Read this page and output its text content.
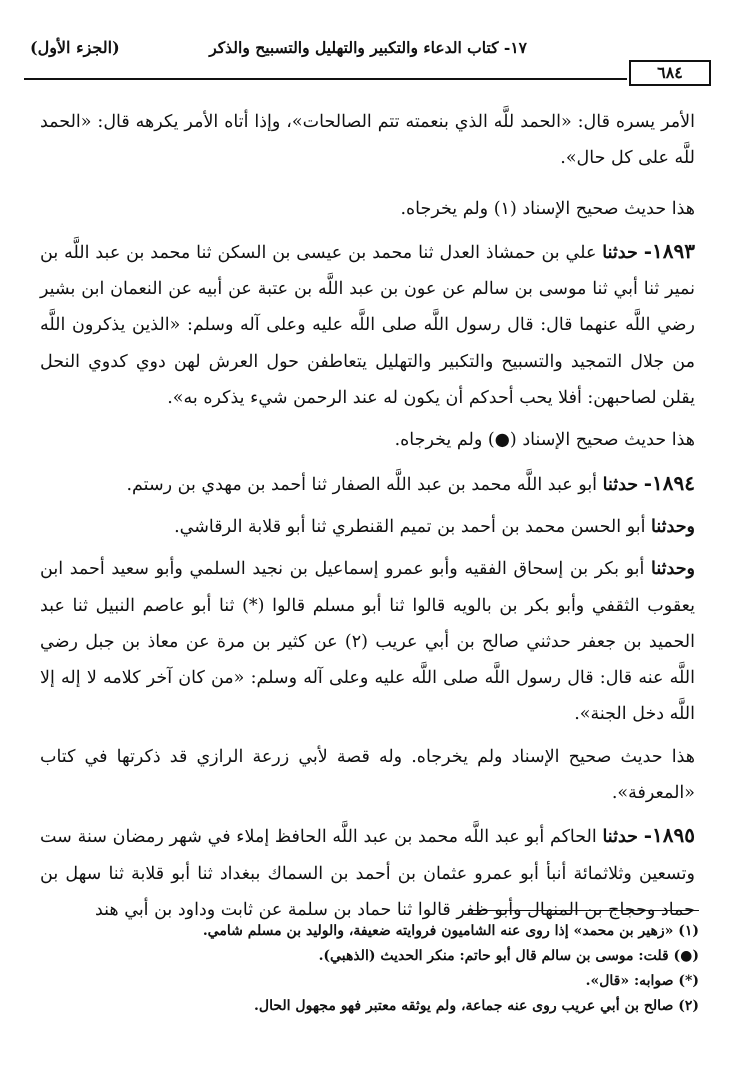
١٧- كتاب الدعاء والتكبير والتهليل والتسبيح والذكر
(الجزء الأول)
٦٨٤

الأمر يسره قال: «الحمد للَّه الذي بنعمته تتم الصالحات»، وإذا أتاه الأمر يكرهه قال: «الحمد للَّه على كل حال».

هذا حديث صحيح الإسناد (١) ولم يخرجاه.

١٨٩٣- حدثنا علي بن حمشاذ العدل ثنا محمد بن عيسى بن السكن ثنا محمد بن عبد اللَّه بن نمير ثنا أبي ثنا موسى بن سالم عن عون بن عبد اللَّه بن عتبة عن أبيه عن النعمان ابن بشير رضي اللَّه عنهما قال: قال رسول اللَّه صلى اللَّه عليه وعلى آله وسلم: «الذين يذكرون اللَّه من جلال التمجيد والتسبيح والتكبير والتهليل يتعاطفن حول العرش لهن دوي كدوي النحل يقلن لصاحبهن: أفلا يحب أحدكم أن يكون له عند الرحمن شيء يذكره به».

هذا حديث صحيح الإسناد (●) ولم يخرجاه.

١٨٩٤- حدثنا أبو عبد اللَّه محمد بن عبد اللَّه الصفار ثنا أحمد بن مهدي بن رستم.

وحدثنا أبو الحسن محمد بن أحمد بن تميم القنطري ثنا أبو قلابة الرقاشي.

وحدثنا أبو بكر بن إسحاق الفقيه وأبو عمرو إسماعيل بن نجيد السلمي وأبو سعيد أحمد ابن يعقوب الثقفي وأبو بكر بن بالويه قالوا ثنا أبو مسلم قالوا (*) ثنا أبو عاصم النبيل ثنا عبد الحميد بن جعفر حدثني صالح بن أبي عريب (٢) عن كثير بن مرة عن معاذ بن جبل رضي اللَّه عنه قال: قال رسول اللَّه صلى اللَّه عليه وعلى آله وسلم: «من كان آخر كلامه لا إله إلا اللَّه دخل الجنة».

هذا حديث صحيح الإسناد ولم يخرجاه. وله قصة لأبي زرعة الرازي قد ذكرتها في كتاب «المعرفة».

١٨٩٥- حدثنا الحاكم أبو عبد اللَّه محمد بن عبد اللَّه الحافظ إملاء في شهر رمضان سنة ست وتسعين وثلاثمائة أنبأ أبو عمرو عثمان بن أحمد بن السماك ببغداد ثنا أبو قلابة ثنا سهل بن حماد وحجاج بن المنهال وأبو ظفر قالوا ثنا حماد بن سلمة عن ثابت وداود بن أبي هند

(١) «زهير بن محمد» إذا روى عنه الشاميون فروايته ضعيفة، والوليد بن مسلم شامي.
(●) قلت: موسى بن سالم قال أبو حاتم: منكر الحديث (الذهبي).
(*) صوابه: «قال».
(٢) صالح بن أبي عريب روى عنه جماعة، ولم يوثقه معتبر فهو مجهول الحال.
